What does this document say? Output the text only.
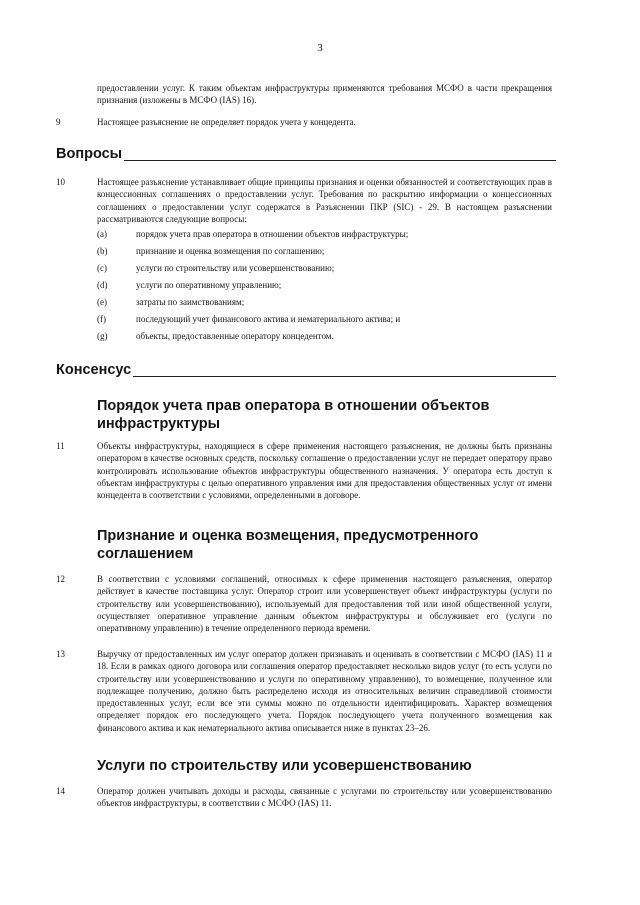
3
предоставлении услуг. К таким объектам инфраструктуры применяются требования МСФО в части прекращения признания (изложены в МСФО (IAS) 16).
9	Настоящее разъяснение не определяет порядок учета у концедента.
Вопросы
10	Настоящее разъяснение устанавливает общие принципы признания и оценки обязанностей и соответствующих прав в концессионных соглашениях о предоставлении услуг. Требования по раскрытию информации о концессионных соглашениях о предоставлении услуг содержатся в Разъяснении ПКР (SIC) - 29. В настоящем разъяснении рассматриваются следующие вопросы:
(a)	порядок учета прав оператора в отношении объектов инфраструктуры;
(b)	признание и оценка возмещения по соглашению;
(c)	услуги по строительству или усовершенствованию;
(d)	услуги по оперативному управлению;
(e)	затраты по заимствованиям;
(f)	последующий учет финансового актива и нематериального актива; и
(g)	объекты, предоставленные оператору концедентом.
Консенсус
Порядок учета прав оператора в отношении объектов инфраструктуры
11	Объекты инфраструктуры, находящиеся в сфере применения настоящего разъяснения, не должны быть признаны оператором в качестве основных средств, поскольку соглашение о предоставлении услуг не передает оператору право контролировать использование объектов инфраструктуры общественного назначения. У оператора есть доступ к объектам инфраструктуры с целью оперативного управления ими для предоставления общественных услуг от имени концедента в соответствии с условиями, определенными в договоре.
Признание и оценка возмещения, предусмотренного соглашением
12	В соответствии с условиями соглашений, относимых к сфере применения настоящего разъяснения, оператор действует в качестве поставщика услуг. Оператор строит или усовершенствует объект инфраструктуры (услуги по строительству или усовершенствованию), используемый для предоставления той или иной общественной услуги, осуществляет оперативное управление данным объектом инфраструктуры и обслуживает его (услуги по оперативному управлению) в течение определенного периода времени.
13	Выручку от предоставленных им услуг оператор должен признавать и оценивать в соответствии с МСФО (IAS) 11 и 18. Если в рамках одного договора или соглашения оператор предоставляет несколько видов услуг (то есть услуги по строительству или усовершенствованию и услуги по оперативному управлению), то возмещение, полученное или подлежащее получению, должно быть распределено исходя из относительных величин справедливой стоимости предоставленных услуг, если все эти суммы можно по отдельности идентифицировать. Характер возмещения определяет порядок его последующего учета. Порядок последующего учета полученного возмещения как финансового актива и как нематериального актива описывается ниже в пунктах 23–26.
Услуги по строительству или усовершенствованию
14	Оператор должен учитывать доходы и расходы, связанные с услугами по строительству или усовершенствованию объектов инфраструктуры, в соответствии с МСФО (IAS) 11.
